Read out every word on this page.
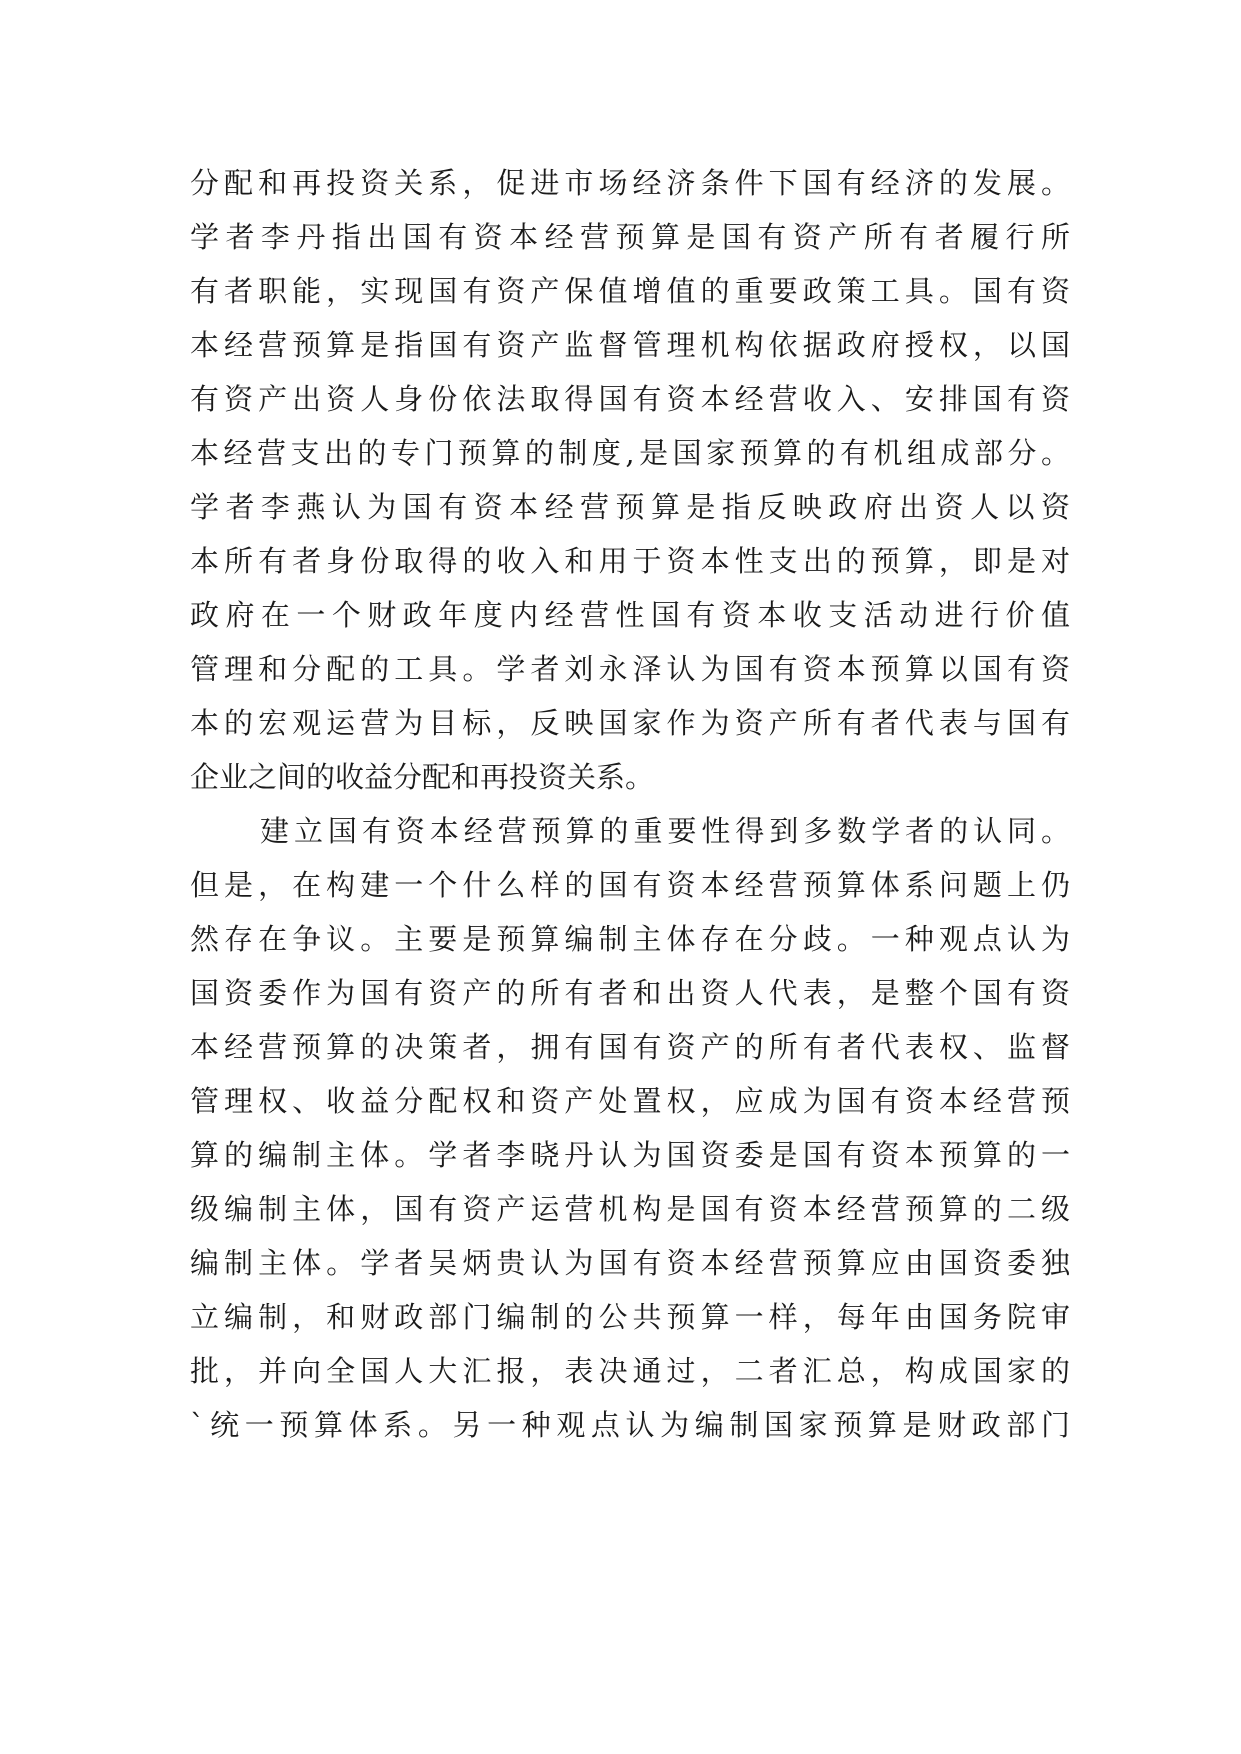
分配和再投资关系，促进市场经济条件下国有经济的发展。
学者李丹指出国有资本经营预算是国有资产所有者履行所
有者职能，实现国有资产保值增值的重要政策工具。国有资
本经营预算是指国有资产监督管理机构依据政府授权，以国
有资产出资人身份依法取得国有资本经营收入、安排国有资
本经营支出的专门预算的制度,是国家预算的有机组成部分。
学者李燕认为国有资本经营预算是指反映政府出资人以资
本所有者身份取得的收入和用于资本性支出的预算，即是对
政府在一个财政年度内经营性国有资本收支活动进行价值
管理和分配的工具。学者刘永泽认为国有资本预算以国有资
本的宏观运营为目标，反映国家作为资产所有者代表与国有
企业之间的收益分配和再投资关系。
建立国有资本经营预算的重要性得到多数学者的认同。
但是，在构建一个什么样的国有资本经营预算体系问题上仍
然存在争议。主要是预算编制主体存在分歧。一种观点认为
国资委作为国有资产的所有者和出资人代表，是整个国有资
本经营预算的决策者，拥有国有资产的所有者代表权、监督
管理权、收益分配权和资产处置权，应成为国有资本经营预
算的编制主体。学者李晓丹认为国资委是国有资本预算的一
级编制主体，国有资产运营机构是国有资本经营预算的二级
编制主体。学者吴炳贵认为国有资本经营预算应由国资委独
立编制，和财政部门编制的公共预算一样，每年由国务院审
批，并向全国人大汇报，表决通过，二者汇总，构成国家的
`统一预算体系。另一种观点认为编制国家预算是财政部门
